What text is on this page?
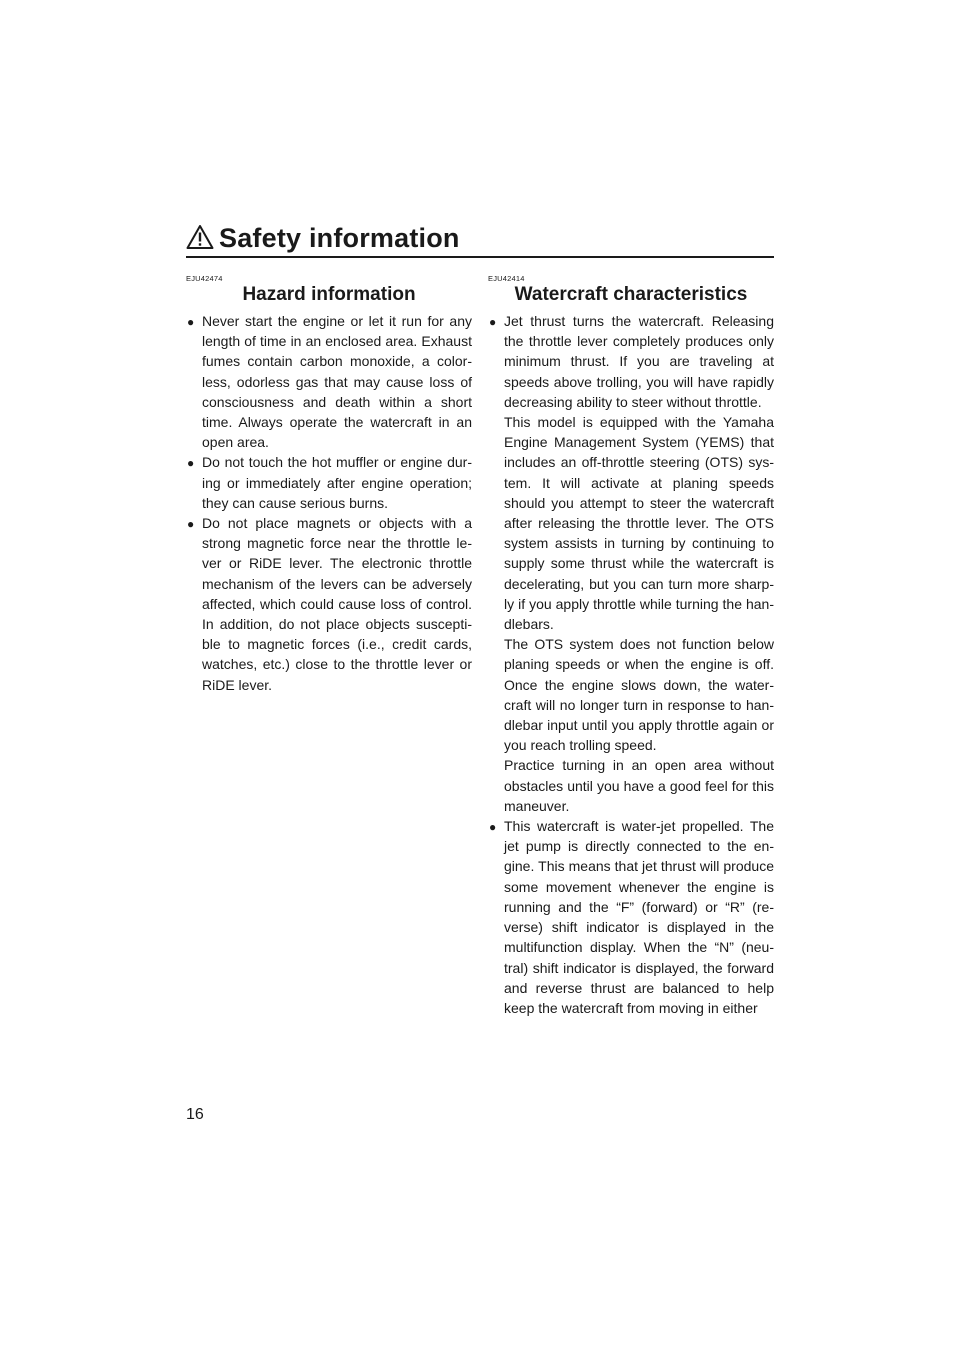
Safety information
EJU42474
Hazard information
● Never start the engine or let it run for any length of time in an enclosed area. Exhaust fumes contain carbon monoxide, a color-less, odorless gas that may cause loss of consciousness and death within a short time. Always operate the watercraft in an open area.

● Do not touch the hot muffler or engine dur-ing or immediately after engine operation; they can cause serious burns.

● Do not place magnets or objects with a strong magnetic force near the throttle le-ver or RiDE lever. The electronic throttle mechanism of the levers can be adversely affected, which could cause loss of control. In addition, do not place objects suscepti-ble to magnetic forces (i.e., credit cards, watches, etc.) close to the throttle lever or RiDE lever.

EJU42414
Watercraft characteristics
● Jet thrust turns the watercraft. Releasing the throttle lever completely produces only minimum thrust. If you are traveling at speeds above trolling, you will have rapidly decreasing ability to steer without throttle.

This model is equipped with the Yamaha Engine Management System (YEMS) that includes an off-throttle steering (OTS) sys-tem. It will activate at planing speeds should you attempt to steer the watercraft after releasing the throttle lever. The OTS system assists in turning by continuing to supply some thrust while the watercraft is decelerating, but you can turn more sharp-ly if you apply throttle while turning the han-dlebars.

The OTS system does not function below planing speeds or when the engine is off. Once the engine slows down, the water-craft will no longer turn in response to han-dlebar input until you apply throttle again or you reach trolling speed.

Practice turning in an open area without obstacles until you have a good feel for this maneuver.

● This watercraft is water-jet propelled. The jet pump is directly connected to the en-gine. This means that jet thrust will produce some movement whenever the engine is running and the “F” (forward) or “R” (re-verse) shift indicator is displayed in the multifunction display. When the “N” (neu-tral) shift indicator is displayed, the forward and reverse thrust are balanced to help keep the watercraft from moving in either

16
